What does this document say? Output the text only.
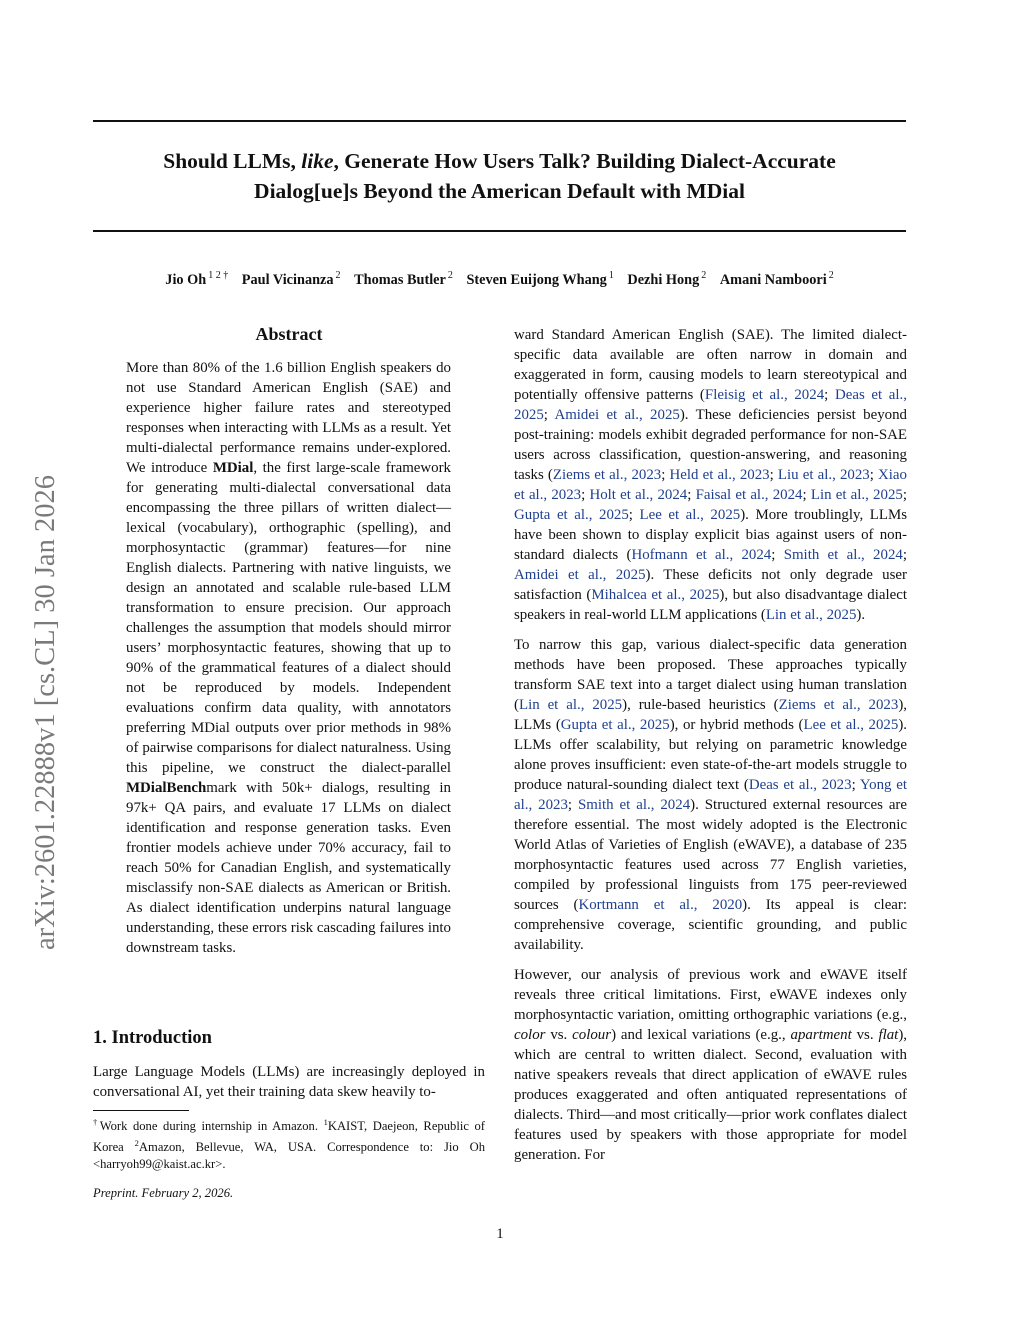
Should LLMs, like, Generate How Users Talk? Building Dialect-Accurate
Dialog[ue]s Beyond the American Default with MDial
Jio Oh $^{1 2 \dagger}$ Paul Vicinanza $^2$ Thomas Butler $^2$ Steven Euijong Whang $^1$ Dezhi Hong $^2$ Amani Namboori $^2$
arXiv:2601.22888v1 [cs.CL] 30 Jan 2026
Abstract
More than 80% of the 1.6 billion English speakers do not use Standard American English (SAE) and experience higher failure rates and stereotyped responses when interacting with LLMs as a result. Yet multi-dialectal performance remains under-explored. We introduce MDial, the first large-scale framework for generating multi-dialectal conversational data encompassing the three pillars of written dialect—lexical (vocabulary), orthographic (spelling), and morphosyntactic (grammar) features—for nine English dialects. Partnering with native linguists, we design an annotated and scalable rule-based LLM transformation to ensure precision. Our approach challenges the assumption that models should mirror users’ morphosyntactic features, showing that up to 90% of the grammatical features of a dialect should not be reproduced by models. Independent evaluations confirm data quality, with annotators preferring MDial outputs over prior methods in 98% of pairwise comparisons for dialect naturalness. Using this pipeline, we construct the dialect-parallel MDialBenchmark with 50k+ dialogs, resulting in 97k+ QA pairs, and evaluate 17 LLMs on dialect identification and response generation tasks. Even frontier models achieve under 70% accuracy, fail to reach 50% for Canadian English, and systematically misclassify non-SAE dialects as American or British. As dialect identification underpins natural language understanding, these errors risk cascading failures into downstream tasks.
1. Introduction
Large Language Models (LLMs) are increasingly deployed in conversational AI, yet their training data skew heavily to-
†Work done during internship in Amazon. $^1$KAIST, Daejeon, Republic of Korea $^2$Amazon, Bellevue, WA, USA. Correspondence to: Jio Oh <harryoh99@kaist.ac.kr>.
Preprint. February 2, 2026.

ward Standard American English (SAE). The limited dialect-specific data available are often narrow in domain and exaggerated in form, causing models to learn stereotypical and potentially offensive patterns (Fleisig et al., 2024; Deas et al., 2025; Amidei et al., 2025). These deficiencies persist beyond post-training: models exhibit degraded performance for non-SAE users across classification, question-answering, and reasoning tasks (Ziems et al., 2023; Held et al., 2023; Liu et al., 2023; Xiao et al., 2023; Holt et al., 2024; Faisal et al., 2024; Lin et al., 2025; Gupta et al., 2025; Lee et al., 2025). More troublingly, LLMs have been shown to display explicit bias against users of non-standard dialects (Hofmann et al., 2024; Smith et al., 2024; Amidei et al., 2025). These deficits not only degrade user satisfaction (Mihalcea et al., 2025), but also disadvantage dialect speakers in real-world LLM applications (Lin et al., 2025).

To narrow this gap, various dialect-specific data generation methods have been proposed. These approaches typically transform SAE text into a target dialect using human translation (Lin et al., 2025), rule-based heuristics (Ziems et al., 2023), LLMs (Gupta et al., 2025), or hybrid methods (Lee et al., 2025). LLMs offer scalability, but relying on parametric knowledge alone proves insufficient: even state-of-the-art models struggle to produce natural-sounding dialect text (Deas et al., 2023; Yong et al., 2023; Smith et al., 2024). Structured external resources are therefore essential. The most widely adopted is the Electronic World Atlas of Varieties of English (eWAVE), a database of 235 morphosyntactic features used across 77 English varieties, compiled by professional linguists from 175 peer-reviewed sources (Kortmann et al., 2020). Its appeal is clear: comprehensive coverage, scientific grounding, and public availability.

However, our analysis of previous work and eWAVE itself reveals three critical limitations. First, eWAVE indexes only morphosyntactic variation, omitting orthographic variations (e.g., color vs. colour) and lexical variations (e.g., apartment vs. flat), which are central to written dialect. Second, evaluation with native speakers reveals that direct application of eWAVE rules produces exaggerated and often antiquated representations of dialects. Third—and most critically—prior work conflates dialect features used by speakers with those appropriate for model generation. For

1
